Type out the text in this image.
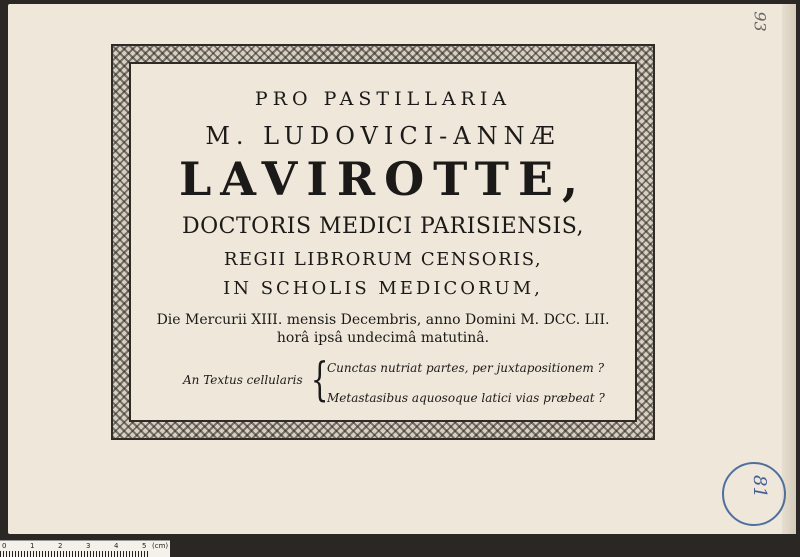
93
PRO PASTILLARIA
M. LUDOVICI-ANNÆ
LAVIROTTE,
DOCTORIS MEDICI PARISIENSIS,
REGII LIBRORUM CENSORIS,
IN SCHOLIS MEDICORUM,
Die Mercurii XIII. mensis Decembris, anno Domini M. DCC. LII.
horâ ipsâ undecimâ matutinâ.
An Textus cellularis {
Cunctas nutriat partes, per juxtapositionem ?
Metastasibus aquosoque latici vias præbeat ?
81
0	1	2	3	4	5 (cm)
